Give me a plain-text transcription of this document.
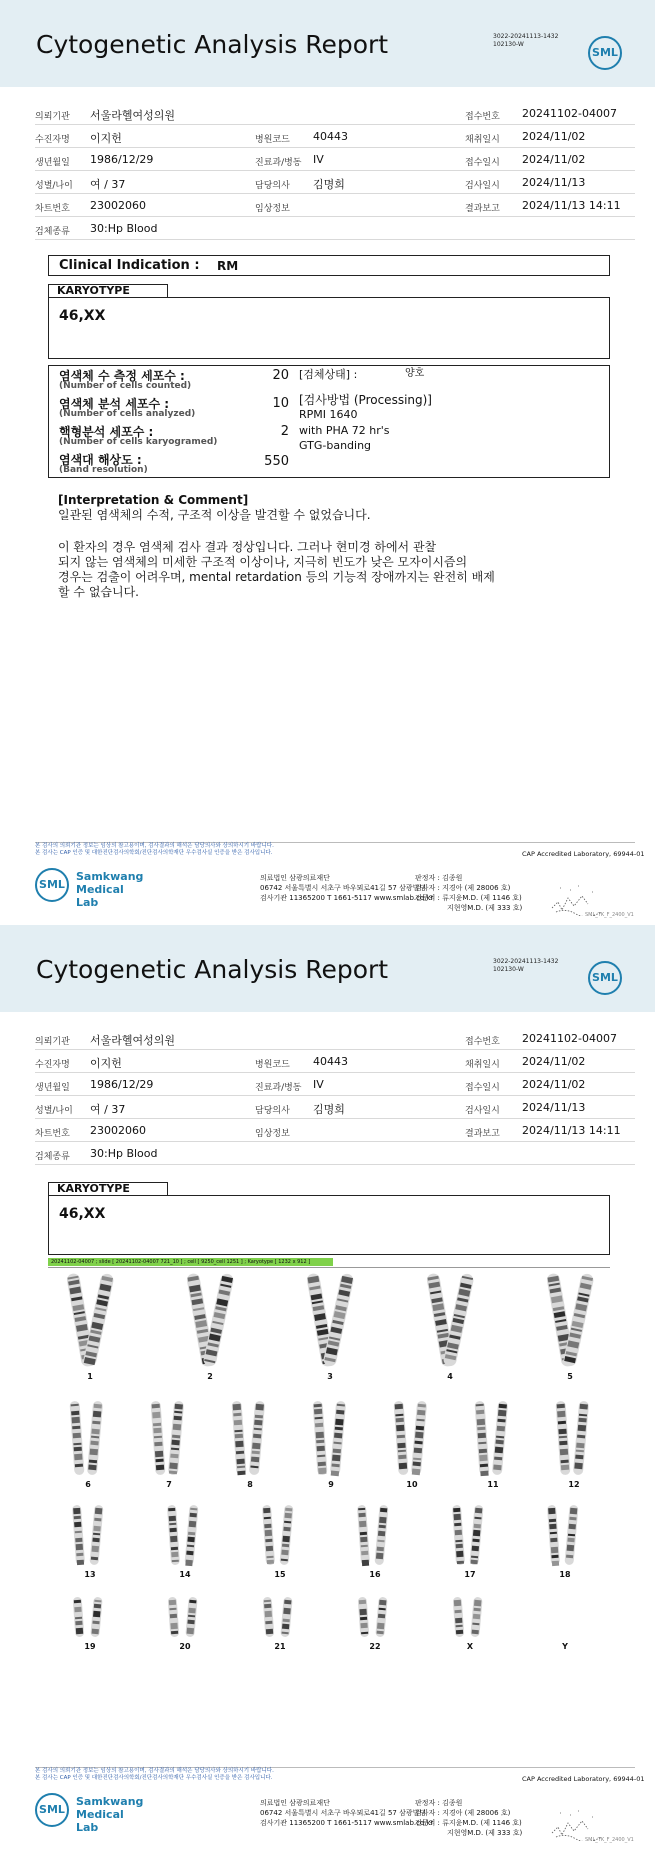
Cytogenetic Analysis Report	3022-20241113-1432
102130-W
SML
의뢰기관 서울라헬여성의원	접수번호 20241102-04007
수진자명 이지헌	병원코드 40443	채취일시 2024/11/02
생년월일 1986/12/29	진료과/병동 IV	접수일시 2024/11/02
성별/나이 여 / 37	담당의사 김명희	검사일시 2024/11/13
차트번호 23002060	임상정보	결과보고 2024/11/13 14:11
검체종류 30:Hp Blood
Clinical Indication : RM
KARYOTYPE
46,XX
염색체 수 측정 세포수 :
(Number of cells counted)
20
염색체 분석 세포수 :
(Number of cells analyzed)
10
핵형분석 세포수 :
(Number of cells karyogramed)
2
염색대 해상도 :
(Band resolution)
550
[검체상태] :	양호
[검사방법 (Processing)]
RPMI 1640
with PHA 72 hr's
GTG-banding
[Interpretation & Comment]
일관된 염색체의 수적, 구조적 이상을 발견할 수 없었습니다.
이 환자의 경우 염색체 검사 결과 정상입니다. 그러나 현미경 하에서 관찰
되지 않는 염색체의 미세한 구조적 이상이나, 지극히 빈도가 낮은 모자이시즘의
경우는 검출이 어려우며, mental retardation 등의 기능적 장애까지는 완전히 배제
할 수 없습니다.
본 검사의 의뢰기관 정보는 임상의 참고용이며, 검사결과의 해석은 담당의사와 상의하시기 바랍니다.
본 검사는 CAP 인증 및 대한진단검사의학회/진단검사의학재단 우수검사실 인증을 받은 검사입니다.	CAP Accredited Laboratory, 69944-01
SML
Samkwang
Medical Lab
의료법인 삼광의료재단
06742 서울특별시 서초구 바우뫼로41길 57 삼광빌딩
검사기관 11365200 T 1661-5117 www.smlab.co.kr
판정자 : 김종원
검사자 : 지경아 (제 28006 호)
전문의 : 류지윤M.D. (제 1146 호)
지현영M.D. (제 333 호)
SML_TK_F_2400_V1
Cytogenetic Analysis Report	3022-20241113-1432
102130-W
SML
의뢰기관 서울라헬여성의원	접수번호 20241102-04007
수진자명 이지헌	병원코드 40443	채취일시 2024/11/02
생년월일 1986/12/29	진료과/병동 IV	접수일시 2024/11/02
성별/나이 여 / 37	담당의사 김명희	검사일시 2024/11/13
차트번호 23002060	임상정보	결과보고 2024/11/13 14:11
검체종류 30:Hp Blood
KARYOTYPE
46,XX
20241102-04007 ; slide [ 20241102-04007 721_10 ] ; cell [ 9250_cell 1251 ] ; Karyotype [ 1232 x 912 ]
1	2	3	4	5
6	7	8	9	10	11	12
13	14	15	16	17	18
19	20	21	22	X	Y
본 검사의 의뢰기관 정보는 임상의 참고용이며, 검사결과의 해석은 담당의사와 상의하시기 바랍니다.
본 검사는 CAP 인증 및 대한진단검사의학회/진단검사의학재단 우수검사실 인증을 받은 검사입니다.	CAP Accredited Laboratory, 69944-01
SML
Samkwang
Medical Lab
의료법인 삼광의료재단
06742 서울특별시 서초구 바우뫼로41길 57 삼광빌딩
검사기관 11365200 T 1661-5117 www.smlab.co.kr
판정자 : 김종원
검사자 : 지경아 (제 28006 호)
전문의 : 류지윤M.D. (제 1146 호)
지현영M.D. (제 333 호)
SML_TK_F_2400_V1
